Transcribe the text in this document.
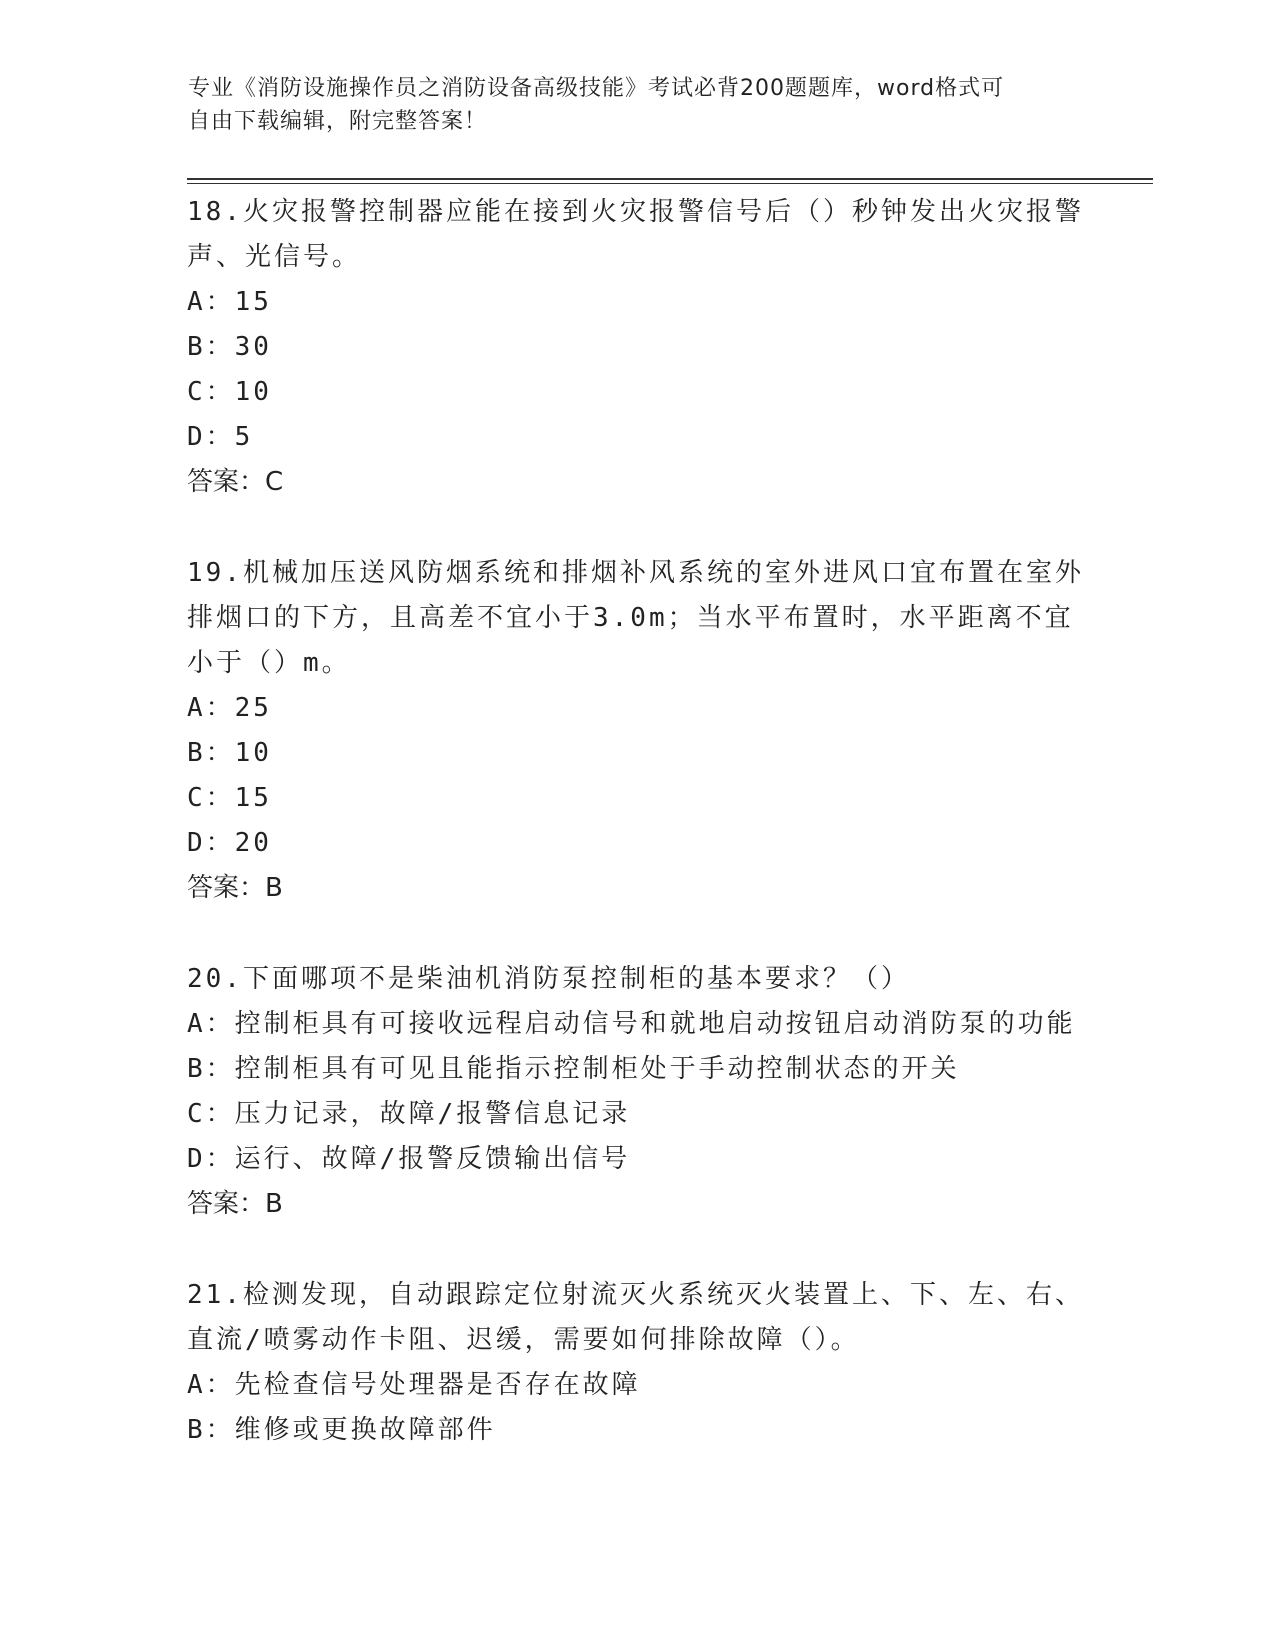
专业《消防设施操作员之消防设备高级技能》考试必背200题题库，word格式可
自由下载编辑，附完整答案！
18.火灾报警控制器应能在接到火灾报警信号后（）秒钟发出火灾报警声、光信号。
A：15
B：30
C：10
D：5
答案：C
19.机械加压送风防烟系统和排烟补风系统的室外进风口宜布置在室外排烟口的下方，且高差不宜小于3.0m；当水平布置时，水平距离不宜小于（）m。
A：25
B：10
C：15
D：20
答案：B
20.下面哪项不是柴油机消防泵控制柜的基本要求？（）
A：控制柜具有可接收远程启动信号和就地启动按钮启动消防泵的功能
B：控制柜具有可见且能指示控制柜处于手动控制状态的开关
C：压力记录，故障/报警信息记录
D：运行、故障/报警反馈输出信号
答案：B
21.检测发现，自动跟踪定位射流灭火系统灭火装置上、下、左、右、直流/喷雾动作卡阻、迟缓，需要如何排除故障（）。
A：先检查信号处理器是否存在故障
B：维修或更换故障部件
